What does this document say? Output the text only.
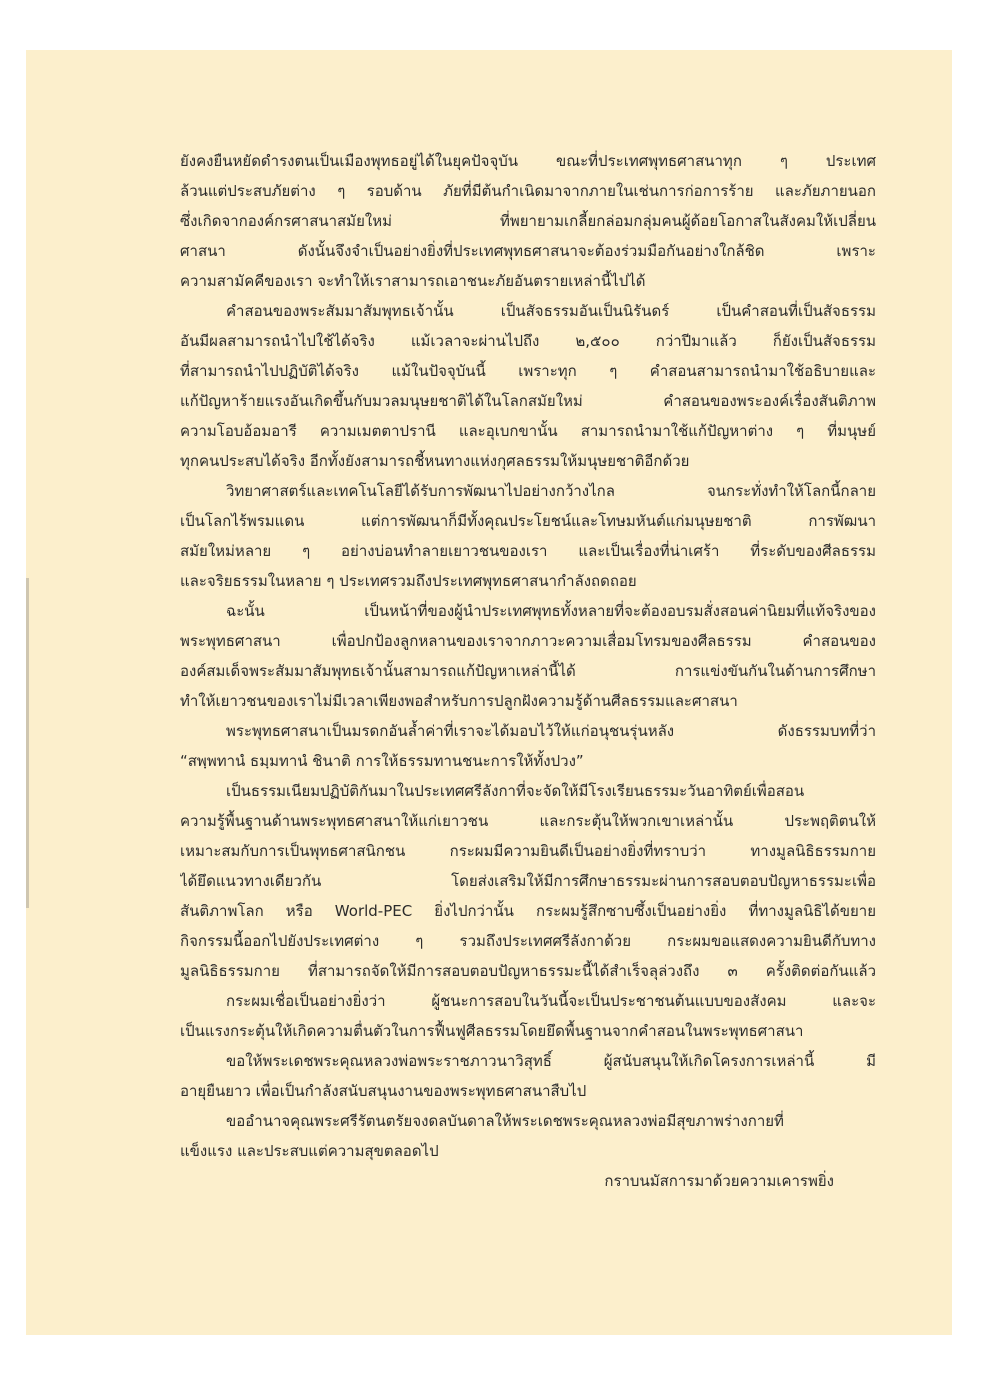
ยังคงยืนหยัดดำรงตนเป็นเมืองพุทธอยู่ได้ในยุคปัจจุบัน ขณะที่ประเทศพุทธศาสนาทุก ๆ ประเทศ
ล้วนแต่ประสบภัยต่าง ๆ รอบด้าน ภัยที่มีต้นกำเนิดมาจากภายในเช่นการก่อการร้าย และภัยภายนอก
ซึ่งเกิดจากองค์กรศาสนาสมัยใหม่ ที่พยายามเกลี้ยกล่อมกลุ่มคนผู้ด้อยโอกาสในสังคมให้เปลี่ยน
ศาสนา ดังนั้นจึงจำเป็นอย่างยิ่งที่ประเทศพุทธศาสนาจะต้องร่วมมือกันอย่างใกล้ชิด เพราะ
ความสามัคคีของเรา จะทำให้เราสามารถเอาชนะภัยอันตรายเหล่านี้ไปได้
คำสอนของพระสัมมาสัมพุทธเจ้านั้น เป็นสัจธรรมอันเป็นนิรันดร์ เป็นคำสอนที่เป็นสัจธรรม
อันมีผลสามารถนำไปใช้ได้จริง แม้เวลาจะผ่านไปถึง ๒,๕๐๐ กว่าปีมาแล้ว ก็ยังเป็นสัจธรรม
ที่สามารถนำไปปฏิบัติได้จริง แม้ในปัจจุบันนี้ เพราะทุก ๆ คำสอนสามารถนำมาใช้อธิบายและ
แก้ปัญหาร้ายแรงอันเกิดขึ้นกับมวลมนุษยชาติได้ในโลกสมัยใหม่ คำสอนของพระองค์เรื่องสันติภาพ
ความโอบอ้อมอารี ความเมตตาปรานี และอุเบกขานั้น สามารถนำมาใช้แก้ปัญหาต่าง ๆ ที่มนุษย์
ทุกคนประสบได้จริง อีกทั้งยังสามารถชี้หนทางแห่งกุศลธรรมให้มนุษยชาติอีกด้วย
วิทยาศาสตร์และเทคโนโลยีได้รับการพัฒนาไปอย่างกว้างไกล จนกระทั่งทำให้โลกนี้กลาย
เป็นโลกไร้พรมแดน แต่การพัฒนาก็มีทั้งคุณประโยชน์และโทษมหันต์แก่มนุษยชาติ การพัฒนา
สมัยใหม่หลาย ๆ อย่างบ่อนทำลายเยาวชนของเรา และเป็นเรื่องที่น่าเศร้า ที่ระดับของศีลธรรม
และจริยธรรมในหลาย ๆ ประเทศรวมถึงประเทศพุทธศาสนากำลังถดถอย
ฉะนั้น เป็นหน้าที่ของผู้นำประเทศพุทธทั้งหลายที่จะต้องอบรมสั่งสอนค่านิยมที่แท้จริงของ
พระพุทธศาสนา เพื่อปกป้องลูกหลานของเราจากภาวะความเสื่อมโทรมของศีลธรรม คำสอนของ
องค์สมเด็จพระสัมมาสัมพุทธเจ้านั้นสามารถแก้ปัญหาเหล่านี้ได้ การแข่งขันกันในด้านการศึกษา
ทำให้เยาวชนของเราไม่มีเวลาเพียงพอสำหรับการปลูกฝังความรู้ด้านศีลธรรมและศาสนา
พระพุทธศาสนาเป็นมรดกอันล้ำค่าที่เราจะได้มอบไว้ให้แก่อนุชนรุ่นหลัง ดังธรรมบทที่ว่า
“สพฺพทานํ ธมฺมทานํ ชินาติ การให้ธรรมทานชนะการให้ทั้งปวง”
เป็นธรรมเนียมปฏิบัติกันมาในประเทศศรีลังกาที่จะจัดให้มีโรงเรียนธรรมะวันอาทิตย์เพื่อสอน
ความรู้พื้นฐานด้านพระพุทธศาสนาให้แก่เยาวชน และกระตุ้นให้พวกเขาเหล่านั้น ประพฤติตนให้
เหมาะสมกับการเป็นพุทธศาสนิกชน กระผมมีความยินดีเป็นอย่างยิ่งที่ทราบว่า ทางมูลนิธิธรรมกาย
ได้ยึดแนวทางเดียวกัน โดยส่งเสริมให้มีการศึกษาธรรมะผ่านการสอบตอบปัญหาธรรมะเพื่อ
สันติภาพโลก หรือ World-PEC ยิ่งไปกว่านั้น กระผมรู้สึกซาบซึ้งเป็นอย่างยิ่ง ที่ทางมูลนิธิได้ขยาย
กิจกรรมนี้ออกไปยังประเทศต่าง ๆ รวมถึงประเทศศรีลังกาด้วย กระผมขอแสดงความยินดีกับทาง
มูลนิธิธรรมกาย ที่สามารถจัดให้มีการสอบตอบปัญหาธรรมะนี้ได้สำเร็จลุล่วงถึง ๓ ครั้งติดต่อกันแล้ว
กระผมเชื่อเป็นอย่างยิ่งว่า ผู้ชนะการสอบในวันนี้จะเป็นประชาชนต้นแบบของสังคม และจะ
เป็นแรงกระตุ้นให้เกิดความตื่นตัวในการฟื้นฟูศีลธรรมโดยยึดพื้นฐานจากคำสอนในพระพุทธศาสนา
ขอให้พระเดชพระคุณหลวงพ่อพระราชภาวนาวิสุทธิ์ ผู้สนับสนุนให้เกิดโครงการเหล่านี้ มี
อายุยืนยาว เพื่อเป็นกำลังสนับสนุนงานของพระพุทธศาสนาสืบไป
ขออำนาจคุณพระศรีรัตนตรัยจงดลบันดาลให้พระเดชพระคุณหลวงพ่อมีสุขภาพร่างกายที่
แข็งแรง และประสบแต่ความสุขตลอดไป
กราบนมัสการมาด้วยความเคารพยิ่ง
